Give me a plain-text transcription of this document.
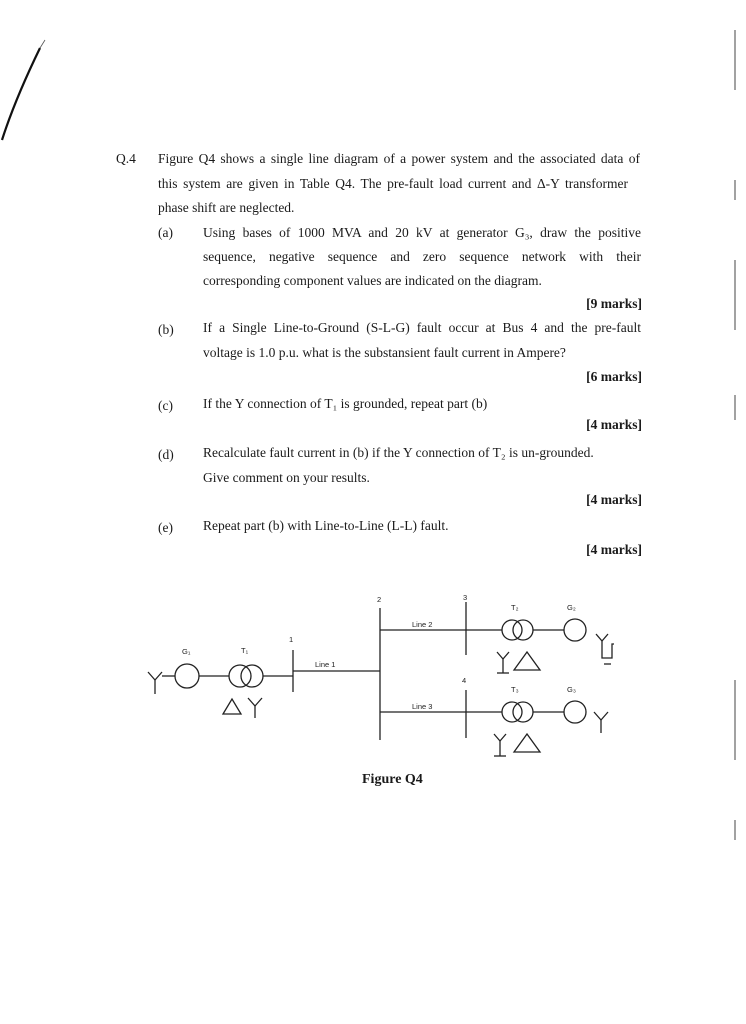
Q.4 Figure Q4 shows a single line diagram of a power system and the associated data of
this system are given in Table Q4. The pre-fault load current and Δ-Y transformer
phase shift are neglected.
(a) Using bases of 1000 MVA and 20 kV at generator G₃, draw the positive
sequence, negative sequence and zero sequence network with their
corresponding component values are indicated on the diagram.
[9 marks]
(b) If a Single Line-to-Ground (S-L-G) fault occur at Bus 4 and the pre-fault
voltage is 1.0 p.u. what is the substansient fault current in Ampere?
[6 marks]
(c) If the Y connection of T₁ is grounded, repeat part (b)
[4 marks]
(d) Recalculate fault current in (b) if the Y connection of T₂ is un-grounded.
Give comment on your results.
[4 marks]
(e) Repeat part (b) with Line-to-Line (L-L) fault.
[4 marks]
G₁	T₁
1
Line 1
2
Line 2
Line 3
3
4
T₂	G₂
T₃	G₃
Figure Q4
